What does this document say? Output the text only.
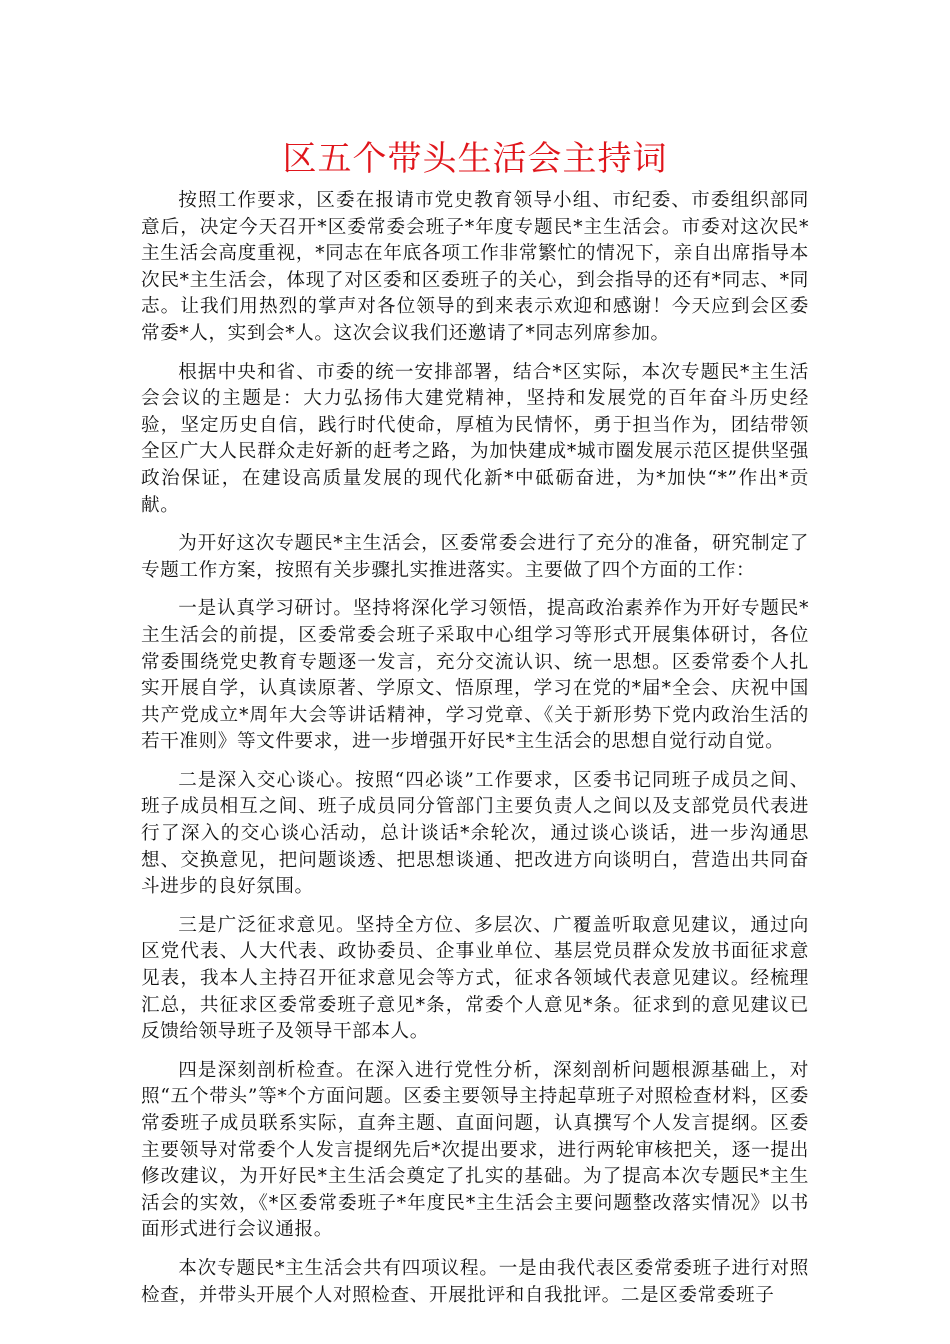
区五个带头生活会主持词

按照工作要求，区委在报请市党史教育领导小组、市纪委、市委组织部同意后，决定今天召开*区委常委会班子*年度专题民*主生活会。市委对这次民*主生活会高度重视，*同志在年底各项工作非常繁忙的情况下，亲自出席指导本次民*主生活会，体现了对区委和区委班子的关心，到会指导的还有*同志、*同志。让我们用热烈的掌声对各位领导的到来表示欢迎和感谢！今天应到会区委常委*人，实到会*人。这次会议我们还邀请了*同志列席参加。

根据中央和省、市委的统一安排部署，结合*区实际，本次专题民*主生活会会议的主题是：大力弘扬伟大建党精神，坚持和发展党的百年奋斗历史经验，坚定历史自信，践行时代使命，厚植为民情怀，勇于担当作为，团结带领全区广大人民群众走好新的赶考之路，为加快建成*城市圈发展示范区提供坚强政治保证，在建设高质量发展的现代化新*中砥砺奋进，为*加快“*”作出*贡献。

为开好这次专题民*主生活会，区委常委会进行了充分的准备，研究制定了专题工作方案，按照有关步骤扎实推进落实。主要做了四个方面的工作：

一是认真学习研讨。坚持将深化学习领悟，提高政治素养作为开好专题民*主生活会的前提，区委常委会班子采取中心组学习等形式开展集体研讨，各位常委围绕党史教育专题逐一发言，充分交流认识、统一思想。区委常委个人扎实开展自学，认真读原著、学原文、悟原理，学习在党的*届*全会、庆祝中国共产党成立*周年大会等讲话精神，学习党章、《关于新形势下党内政治生活的若干准则》等文件要求，进一步增强开好民*主生活会的思想自觉行动自觉。

二是深入交心谈心。按照“四必谈”工作要求，区委书记同班子成员之间、班子成员相互之间、班子成员同分管部门主要负责人之间以及支部党员代表进行了深入的交心谈心活动，总计谈话*余轮次，通过谈心谈话，进一步沟通思想、交换意见，把问题谈透、把思想谈通、把改进方向谈明白，营造出共同奋斗进步的良好氛围。

三是广泛征求意见。坚持全方位、多层次、广覆盖听取意见建议，通过向区党代表、人大代表、政协委员、企事业单位、基层党员群众发放书面征求意见表，我本人主持召开征求意见会等方式，征求各领域代表意见建议。经梳理汇总，共征求区委常委班子意见*条，常委个人意见*条。征求到的意见建议已反馈给领导班子及领导干部本人。

四是深刻剖析检查。在深入进行党性分析，深刻剖析问题根源基础上，对照“五个带头”等*个方面问题。区委主要领导主持起草班子对照检查材料，区委常委班子成员联系实际，直奔主题、直面问题，认真撰写个人发言提纲。区委主要领导对常委个人发言提纲先后*次提出要求，进行两轮审核把关，逐一提出修改建议，为开好民*主生活会奠定了扎实的基础。为了提高本次专题民*主生活会的实效，《*区委常委班子*年度民*主生活会主要问题整改落实情况》以书面形式进行会议通报。

本次专题民*主生活会共有四项议程。一是由我代表区委常委班子进行对照检查，并带头开展个人对照检查、开展批评和自我批评。二是区委常委班子
